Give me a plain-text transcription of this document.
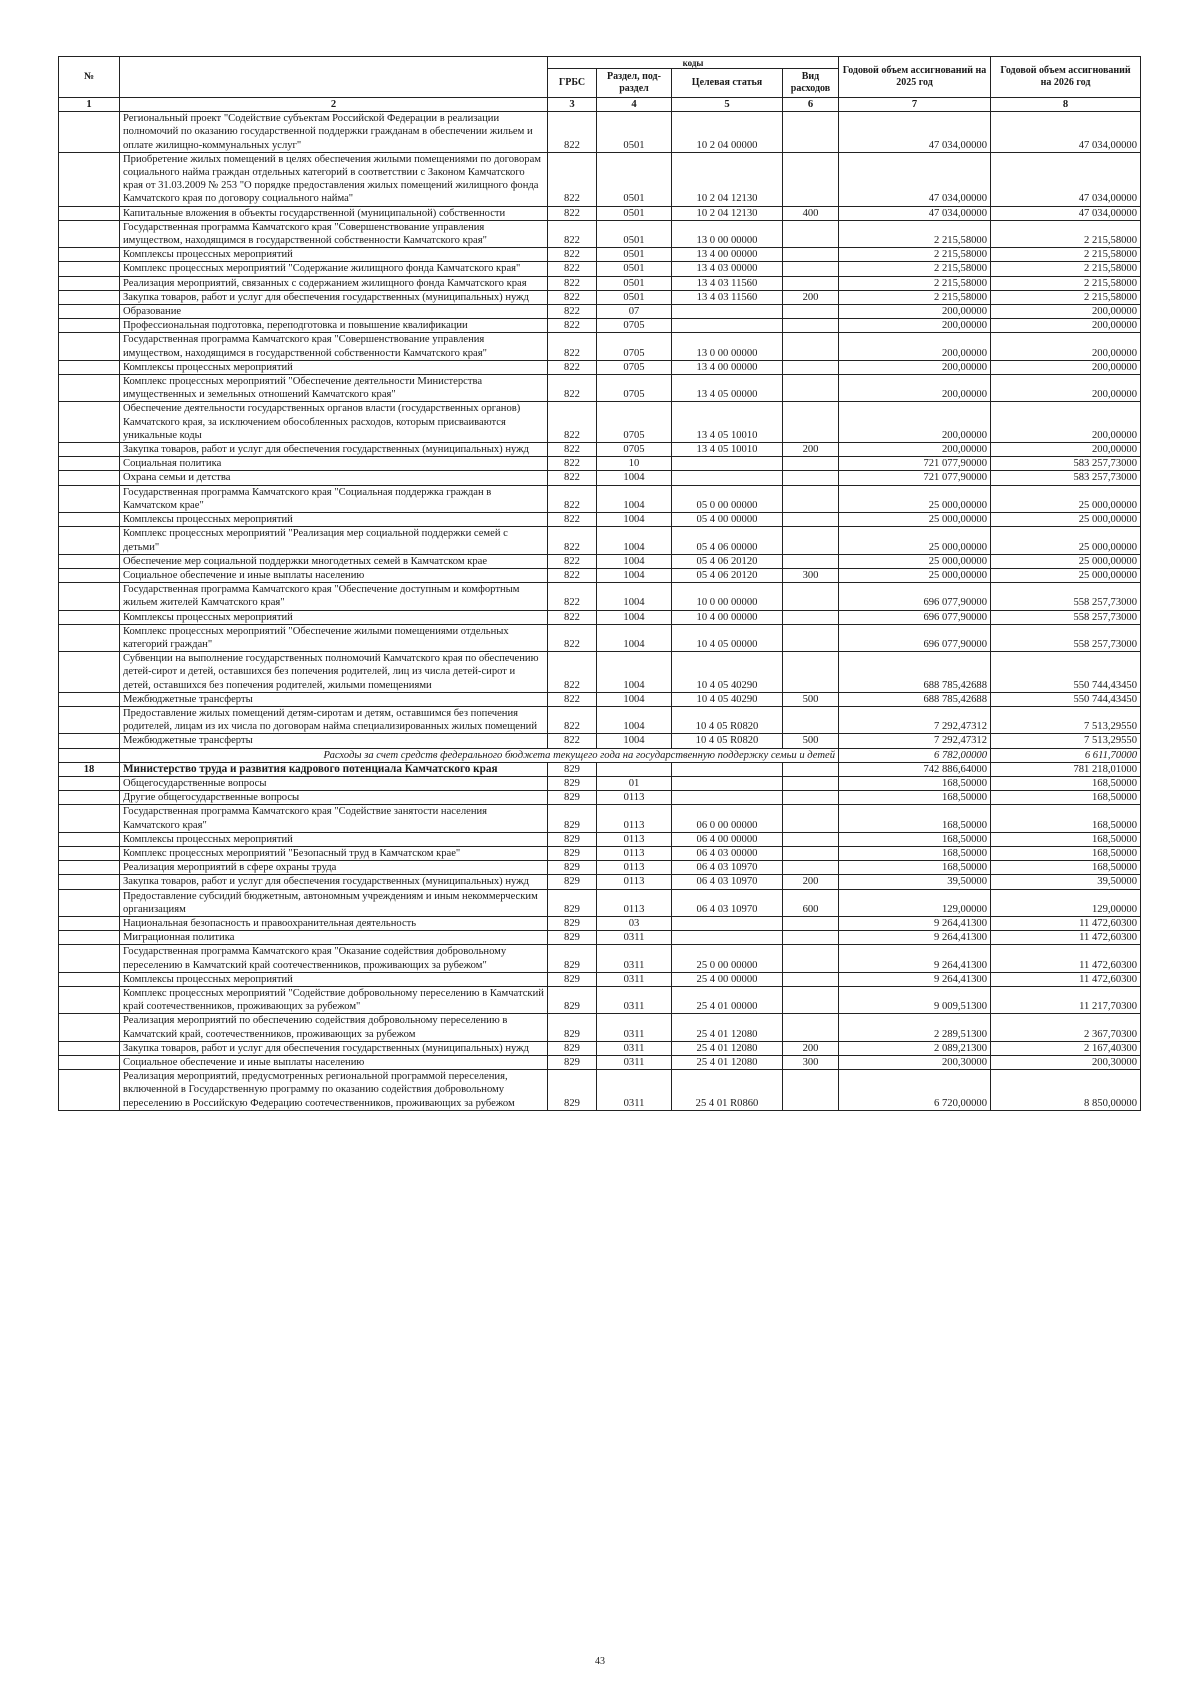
№		коды				Годовой объем ассигнований на 2025 год	Годовой объем ассигнований на 2026 год
		ГРБС	Раздел, под-раздел	Целевая статья	Вид расходов		
1	2	3	4	5	6	7	8
	Региональный проект "Содействие субъектам Российской Федерации в реализации полномочий по оказанию государственной поддержки гражданам в обеспечении жильем и оплате жилищно-коммунальных услуг"	822	0501	10 2 04 00000		47 034,00000	47 034,00000
	Приобретение жилых помещений в целях обеспечения жилыми помещениями по договорам социального найма граждан отдельных категорий в соответствии с Законом Камчатского края от 31.03.2009 № 253 "О порядке предоставления жилых помещений жилищного фонда Камчатского края по договору социального найма"	822	0501	10 2 04 12130		47 034,00000	47 034,00000
	Капитальные вложения в объекты государственной (муниципальной) собственности	822	0501	10 2 04 12130	400	47 034,00000	47 034,00000
	Государственная программа Камчатского края "Совершенствование управления имуществом, находящимся в государственной собственности Камчатского края"	822	0501	13 0 00 00000		2 215,58000	2 215,58000
	Комплексы процессных мероприятий	822	0501	13 4 00 00000		2 215,58000	2 215,58000
	Комплекс процессных мероприятий "Содержание жилищного фонда Камчатского края"	822	0501	13 4 03 00000		2 215,58000	2 215,58000
	Реализация мероприятий, связанных с содержанием жилищного фонда Камчатского края	822	0501	13 4 03 11560		2 215,58000	2 215,58000
	Закупка товаров, работ и услуг для обеспечения государственных (муниципальных) нужд	822	0501	13 4 03 11560	200	2 215,58000	2 215,58000
	Образование	822	07			200,00000	200,00000
	Профессиональная подготовка, переподготовка и повышение квалификации	822	0705			200,00000	200,00000
	Государственная программа Камчатского края "Совершенствование управления имуществом, находящимся в государственной собственности Камчатского края"	822	0705	13 0 00 00000		200,00000	200,00000
	Комплексы процессных мероприятий	822	0705	13 4 00 00000		200,00000	200,00000
	Комплекс процессных мероприятий "Обеспечение деятельности Министерства имущественных и земельных отношений Камчатского края"	822	0705	13 4 05 00000		200,00000	200,00000
	Обеспечение деятельности государственных органов власти (государственных органов) Камчатского края, за исключением обособленных расходов, которым присваиваются уникальные коды	822	0705	13 4 05 10010		200,00000	200,00000
	Закупка товаров, работ и услуг для обеспечения государственных (муниципальных) нужд	822	0705	13 4 05 10010	200	200,00000	200,00000
	Социальная политика	822	10			721 077,90000	583 257,73000
	Охрана семьи и детства	822	1004			721 077,90000	583 257,73000
	Государственная программа Камчатского края "Социальная поддержка граждан в Камчатском крае"	822	1004	05 0 00 00000		25 000,00000	25 000,00000
	Комплексы процессных мероприятий	822	1004	05 4 00 00000		25 000,00000	25 000,00000
	Комплекс процессных мероприятий "Реализация мер социальной поддержки семей с детьми"	822	1004	05 4 06 00000		25 000,00000	25 000,00000
	Обеспечение мер социальной поддержки многодетных семей в Камчатском крае	822	1004	05 4 06 20120		25 000,00000	25 000,00000
	Социальное обеспечение и иные выплаты населению	822	1004	05 4 06 20120	300	25 000,00000	25 000,00000
	Государственная программа Камчатского края "Обеспечение доступным и комфортным жильем жителей Камчатского края"	822	1004	10 0 00 00000		696 077,90000	558 257,73000
	Комплексы процессных мероприятий	822	1004	10 4 00 00000		696 077,90000	558 257,73000
	Комплекс процессных мероприятий "Обеспечение жилыми помещениями отдельных категорий граждан"	822	1004	10 4 05 00000		696 077,90000	558 257,73000
	Субвенции на выполнение государственных полномочий Камчатского края по обеспечению детей-сирот и детей, оставшихся без попечения родителей, лиц из числа детей-сирот и детей, оставшихся без попечения родителей, жилыми помещениями	822	1004	10 4 05 40290		688 785,42688	550 744,43450
	Межбюджетные трансферты	822	1004	10 4 05 40290	500	688 785,42688	550 744,43450
	Предоставление жилых помещений детям-сиротам и детям, оставшимся без попечения родителей, лицам из их числа по договорам найма специализированных жилых помещений	822	1004	10 4 05 R0820		7 292,47312	7 513,29550
	Межбюджетные трансферты	822	1004	10 4 05 R0820	500	7 292,47312	7 513,29550
	Расходы за счет средств федерального бюджета текущего года на государственную поддержку семьи и детей					6 782,00000	6 611,70000
18	Министерство труда и развития кадрового потенциала Камчатского края	829				742 886,64000	781 218,01000
	Общегосударственные вопросы	829	01			168,50000	168,50000
	Другие общегосударственные вопросы	829	0113			168,50000	168,50000
	Государственная программа Камчатского края "Содействие занятости населения Камчатского края"	829	0113	06 0 00 00000		168,50000	168,50000
	Комплексы процессных мероприятий	829	0113	06 4 00 00000		168,50000	168,50000
	Комплекс процессных мероприятий "Безопасный труд в Камчатском крае"	829	0113	06 4 03 00000		168,50000	168,50000
	Реализация мероприятий в сфере охраны труда	829	0113	06 4 03 10970		168,50000	168,50000
	Закупка товаров, работ и услуг для обеспечения государственных (муниципальных) нужд	829	0113	06 4 03 10970	200	39,50000	39,50000
	Предоставление субсидий бюджетным, автономным учреждениям и иным некоммерческим организациям	829	0113	06 4 03 10970	600	129,00000	129,00000
	Национальная безопасность и правоохранительная деятельность	829	03			9 264,41300	11 472,60300
	Миграционная политика	829	0311			9 264,41300	11 472,60300
	Государственная программа Камчатского края "Оказание содействия добровольному переселению в Камчатский край соотечественников, проживающих за рубежом"	829	0311	25 0 00 00000		9 264,41300	11 472,60300
	Комплексы процессных мероприятий	829	0311	25 4 00 00000		9 264,41300	11 472,60300
	Комплекс процессных мероприятий "Содействие добровольному переселению в Камчатский край соотечественников, проживающих за рубежом"	829	0311	25 4 01 00000		9 009,51300	11 217,70300
	Реализация мероприятий по обеспечению содействия добровольному переселению в Камчатский край, соотечественников, проживающих за рубежом	829	0311	25 4 01 12080		2 289,51300	2 367,70300
	Закупка товаров, работ и услуг для обеспечения государственных (муниципальных) нужд	829	0311	25 4 01 12080	200	2 089,21300	2 167,40300
	Социальное обеспечение и иные выплаты населению	829	0311	25 4 01 12080	300	200,30000	200,30000
	Реализация мероприятий, предусмотренных региональной программой переселения, включенной в Государственную программу по оказанию содействия добровольному переселению в Российскую Федерацию соотечественников, проживающих за рубежом	829	0311	25 4 01 R0860		6 720,00000	8 850,00000
43
